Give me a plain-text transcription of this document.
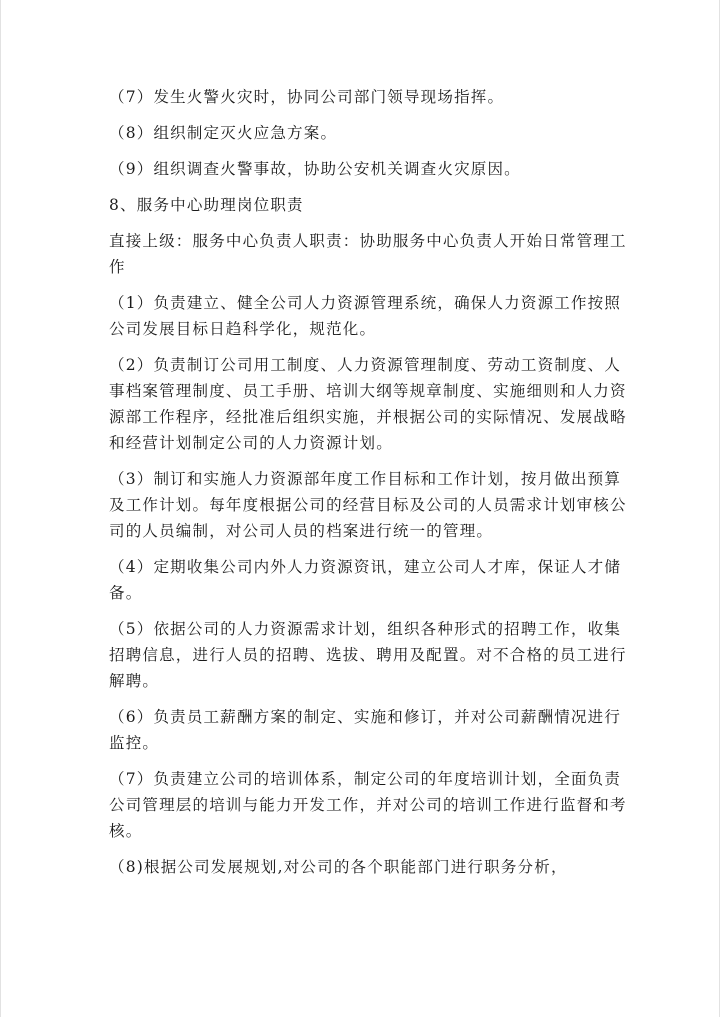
（7）发生火警火灾时，协同公司部门领导现场指挥。

（8）组织制定灭火应急方案。

（9）组织调查火警事故，协助公安机关调查火灾原因。

8、服务中心助理岗位职责

直接上级：服务中心负责人职责：协助服务中心负责人开始日常管理工作

（1）负责建立、健全公司人力资源管理系统，确保人力资源工作按照公司发展目标日趋科学化，规范化。

（2）负责制订公司用工制度、人力资源管理制度、劳动工资制度、人事档案管理制度、员工手册、培训大纲等规章制度、实施细则和人力资源部工作程序，经批准后组织实施，并根据公司的实际情况、发展战略和经营计划制定公司的人力资源计划。

（3）制订和实施人力资源部年度工作目标和工作计划，按月做出预算及工作计划。每年度根据公司的经营目标及公司的人员需求计划审核公司的人员编制，对公司人员的档案进行统一的管理。

（4）定期收集公司内外人力资源资讯，建立公司人才库，保证人才储备。

（5）依据公司的人力资源需求计划，组织各种形式的招聘工作，收集招聘信息，进行人员的招聘、选拔、聘用及配置。对不合格的员工进行解聘。

（6）负责员工薪酬方案的制定、实施和修订，并对公司薪酬情况进行监控。

（7）负责建立公司的培训体系，制定公司的年度培训计划，全面负责公司管理层的培训与能力开发工作，并对公司的培训工作进行监督和考核。

（8)根据公司发展规划,对公司的各个职能部门进行职务分析，
